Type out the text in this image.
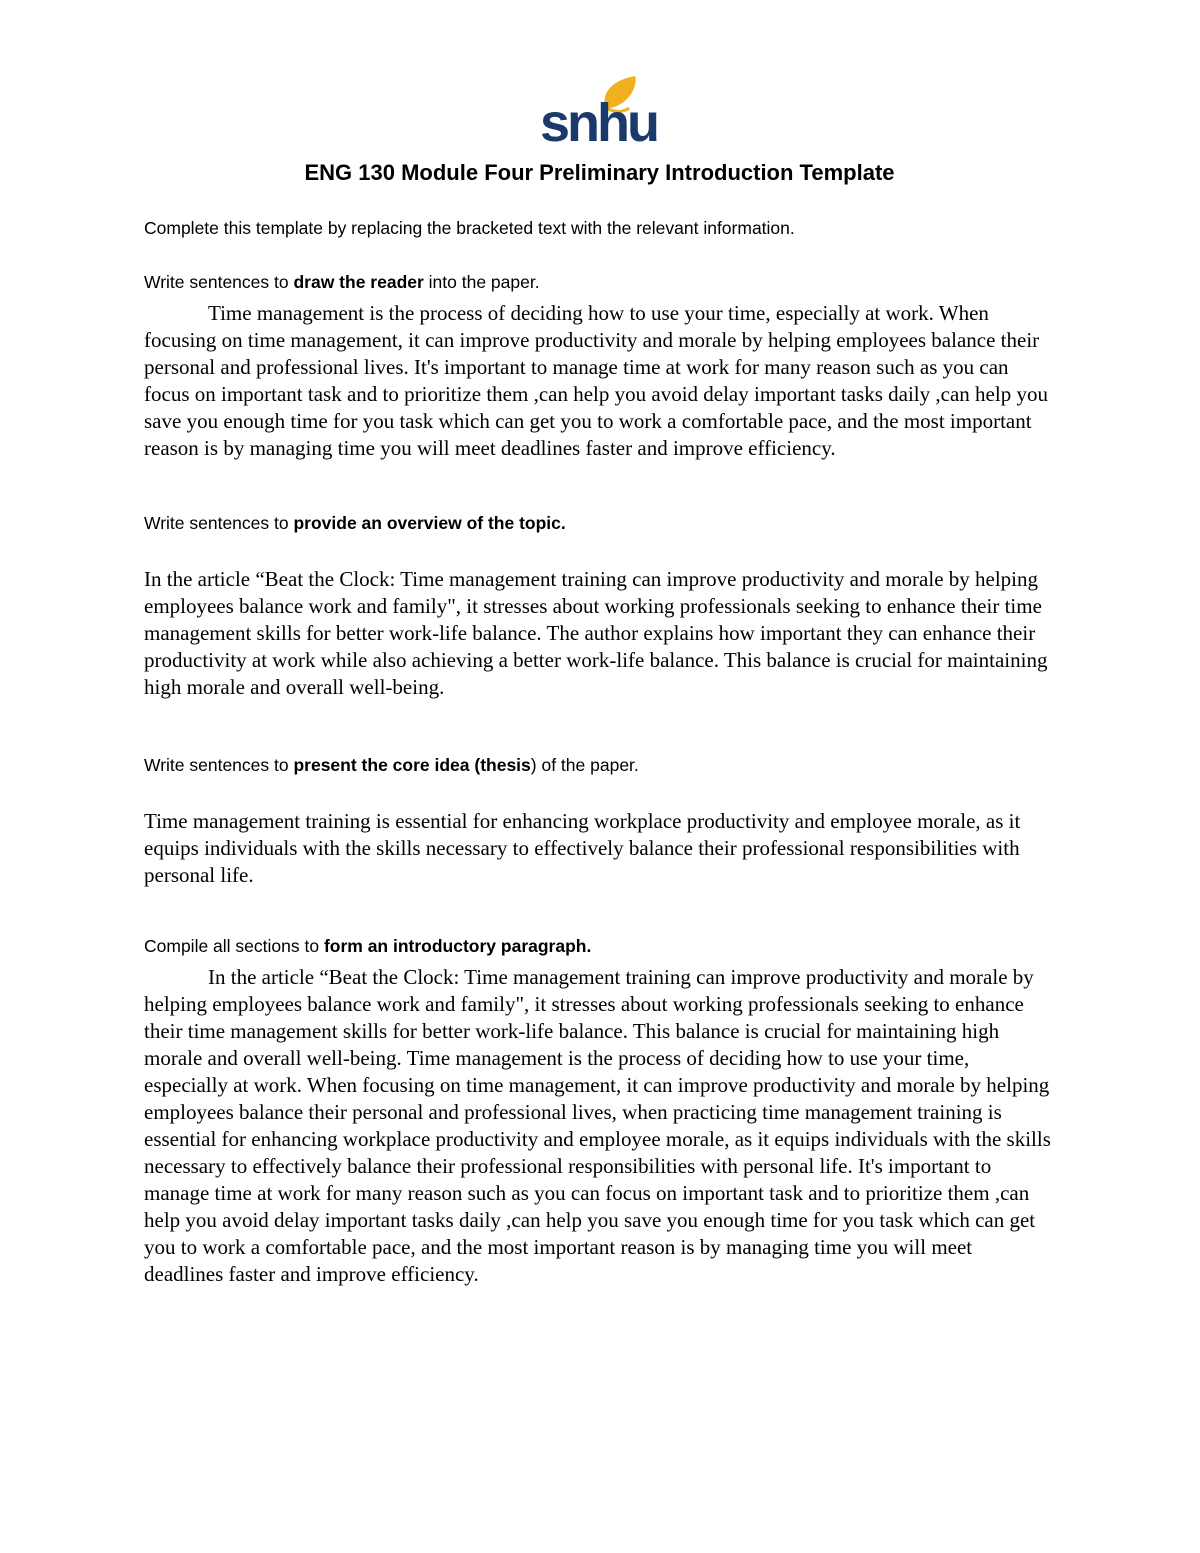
snhu
ENG 130 Module Four Preliminary Introduction Template

Complete this template by replacing the bracketed text with the relevant information.

Write sentences to draw the reader into the paper.

Time management is the process of deciding how to use your time, especially at work. When focusing on time management, it can improve productivity and morale by helping employees balance their personal and professional lives. It's important to manage time at work for many reason such as you can focus on important task and to prioritize them ,can help you avoid delay important tasks daily ,can help you save you enough time for you task which can get you to work a comfortable pace, and the most important reason is by managing time you will meet deadlines faster and improve efficiency.

Write sentences to provide an overview of the topic.

In the article “Beat the Clock: Time management training can improve productivity and morale by helping employees balance work and family", it stresses about working professionals seeking to enhance their time management skills for better work-life balance. The author explains how important they can enhance their productivity at work while also achieving a better work-life balance. This balance is crucial for maintaining high morale and overall well-being.

Write sentences to present the core idea (thesis) of the paper.

Time management training is essential for enhancing workplace productivity and employee morale, as it equips individuals with the skills necessary to effectively balance their professional responsibilities with personal life.

Compile all sections to form an introductory paragraph.

In the article “Beat the Clock: Time management training can improve productivity and morale by helping employees balance work and family", it stresses about working professionals seeking to enhance their time management skills for better work-life balance. This balance is crucial for maintaining high morale and overall well-being. Time management is the process of deciding how to use your time, especially at work. When focusing on time management, it can improve productivity and morale by helping employees balance their personal and professional lives, when practicing time management training is essential for enhancing workplace productivity and employee morale, as it equips individuals with the skills necessary to effectively balance their professional responsibilities with personal life. It's important to manage time at work for many reason such as you can focus on important task and to prioritize them ,can help you avoid delay important tasks daily ,can help you save you enough time for you task which can get you to work a comfortable pace, and the most important reason is by managing time you will meet deadlines faster and improve efficiency.
